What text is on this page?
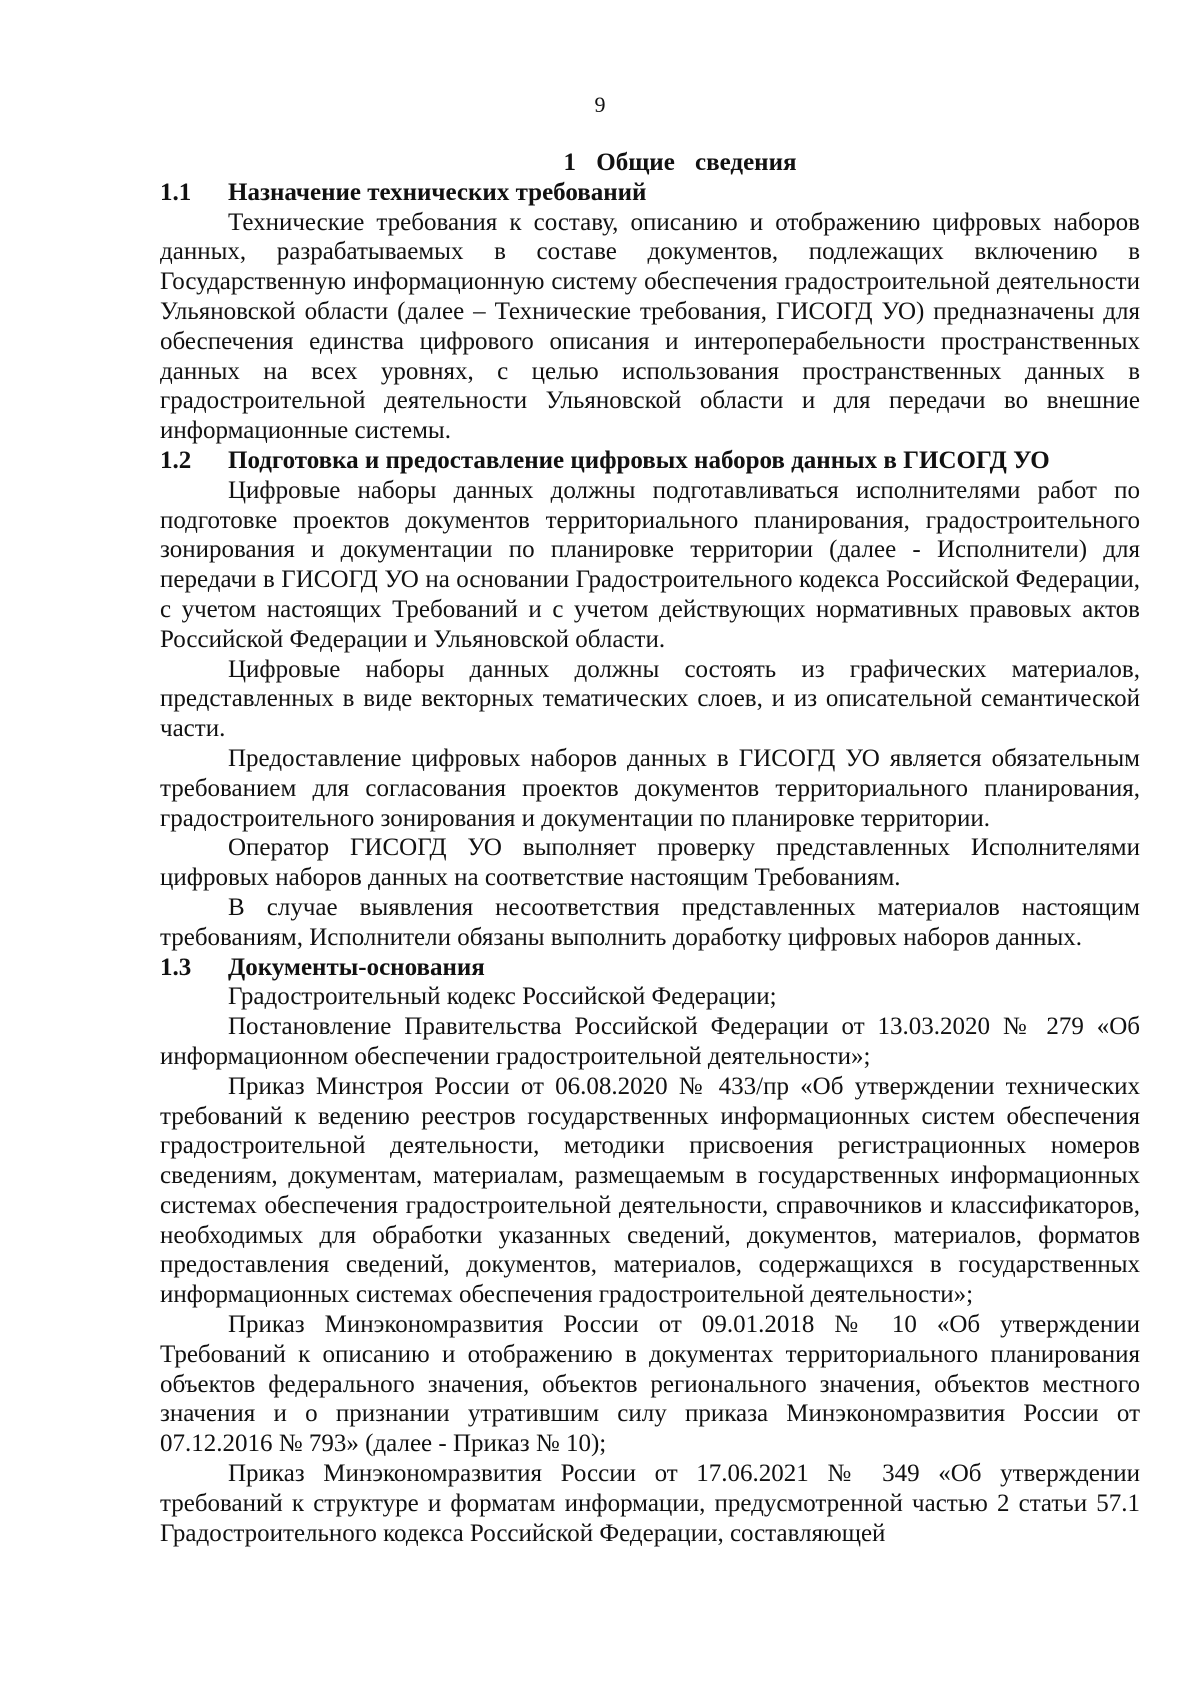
9
1 Общие сведения
1.1	Назначение технических требований

Технические требования к составу, описанию и отображению цифровых наборов данных, разрабатываемых в составе документов, подлежащих включению в Государственную информационную систему обеспечения градостроительной деятельности Ульяновской области (далее – Технические требования, ГИСОГД УО) предназначены для обеспечения единства цифрового описания и интероперабельности пространственных данных на всех уровнях, с целью использования пространственных данных в градостроительной деятельности Ульяновской области и для передачи во внешние информационные системы.

1.2	Подготовка и предоставление цифровых наборов данных в ГИСОГД УО

Цифровые наборы данных должны подготавливаться исполнителями работ по подготовке проектов документов территориального планирования, градостроительного зонирования и документации по планировке территории (далее - Исполнители) для передачи в ГИСОГД УО на основании Градостроительного кодекса Российской Федерации, с учетом настоящих Требований и с учетом действующих нормативных правовых актов Российской Федерации и Ульяновской области.

Цифровые наборы данных должны состоять из графических материалов, представленных в виде векторных тематических слоев, и из описательной семантической части.

Предоставление цифровых наборов данных в ГИСОГД УО является обязательным требованием для согласования проектов документов территориального планирования, градостроительного зонирования и документации по планировке территории.

Оператор ГИСОГД УО выполняет проверку представленных Исполнителями цифровых наборов данных на соответствие настоящим Требованиям.

В случае выявления несоответствия представленных материалов настоящим требованиям, Исполнители обязаны выполнить доработку цифровых наборов данных.

1.3	Документы-основания

Градостроительный кодекс Российской Федерации;

Постановление Правительства Российской Федерации от 13.03.2020 № 279 «Об информационном обеспечении градостроительной деятельности»;

Приказ Минстроя России от 06.08.2020 № 433/пр «Об утверждении технических требований к ведению реестров государственных информационных систем обеспечения градостроительной деятельности, методики присвоения регистрационных номеров сведениям, документам, материалам, размещаемым в государственных информационных системах обеспечения градостроительной деятельности, справочников и классификаторов, необходимых для обработки указанных сведений, документов, материалов, форматов предоставления сведений, документов, материалов, содержащихся в государственных информационных системах обеспечения градостроительной деятельности»;

Приказ Минэкономразвития России от 09.01.2018 № 10 «Об утверждении Требований к описанию и отображению в документах территориального планирования объектов федерального значения, объектов регионального значения, объектов местного значения и о признании утратившим силу приказа Минэкономразвития России от 07.12.2016 № 793» (далее - Приказ № 10);

Приказ Минэкономразвития России от 17.06.2021 № 349 «Об утверждении требований к структуре и форматам информации, предусмотренной частью 2 статьи 57.1 Градостроительного кодекса Российской Федерации, составляющей
